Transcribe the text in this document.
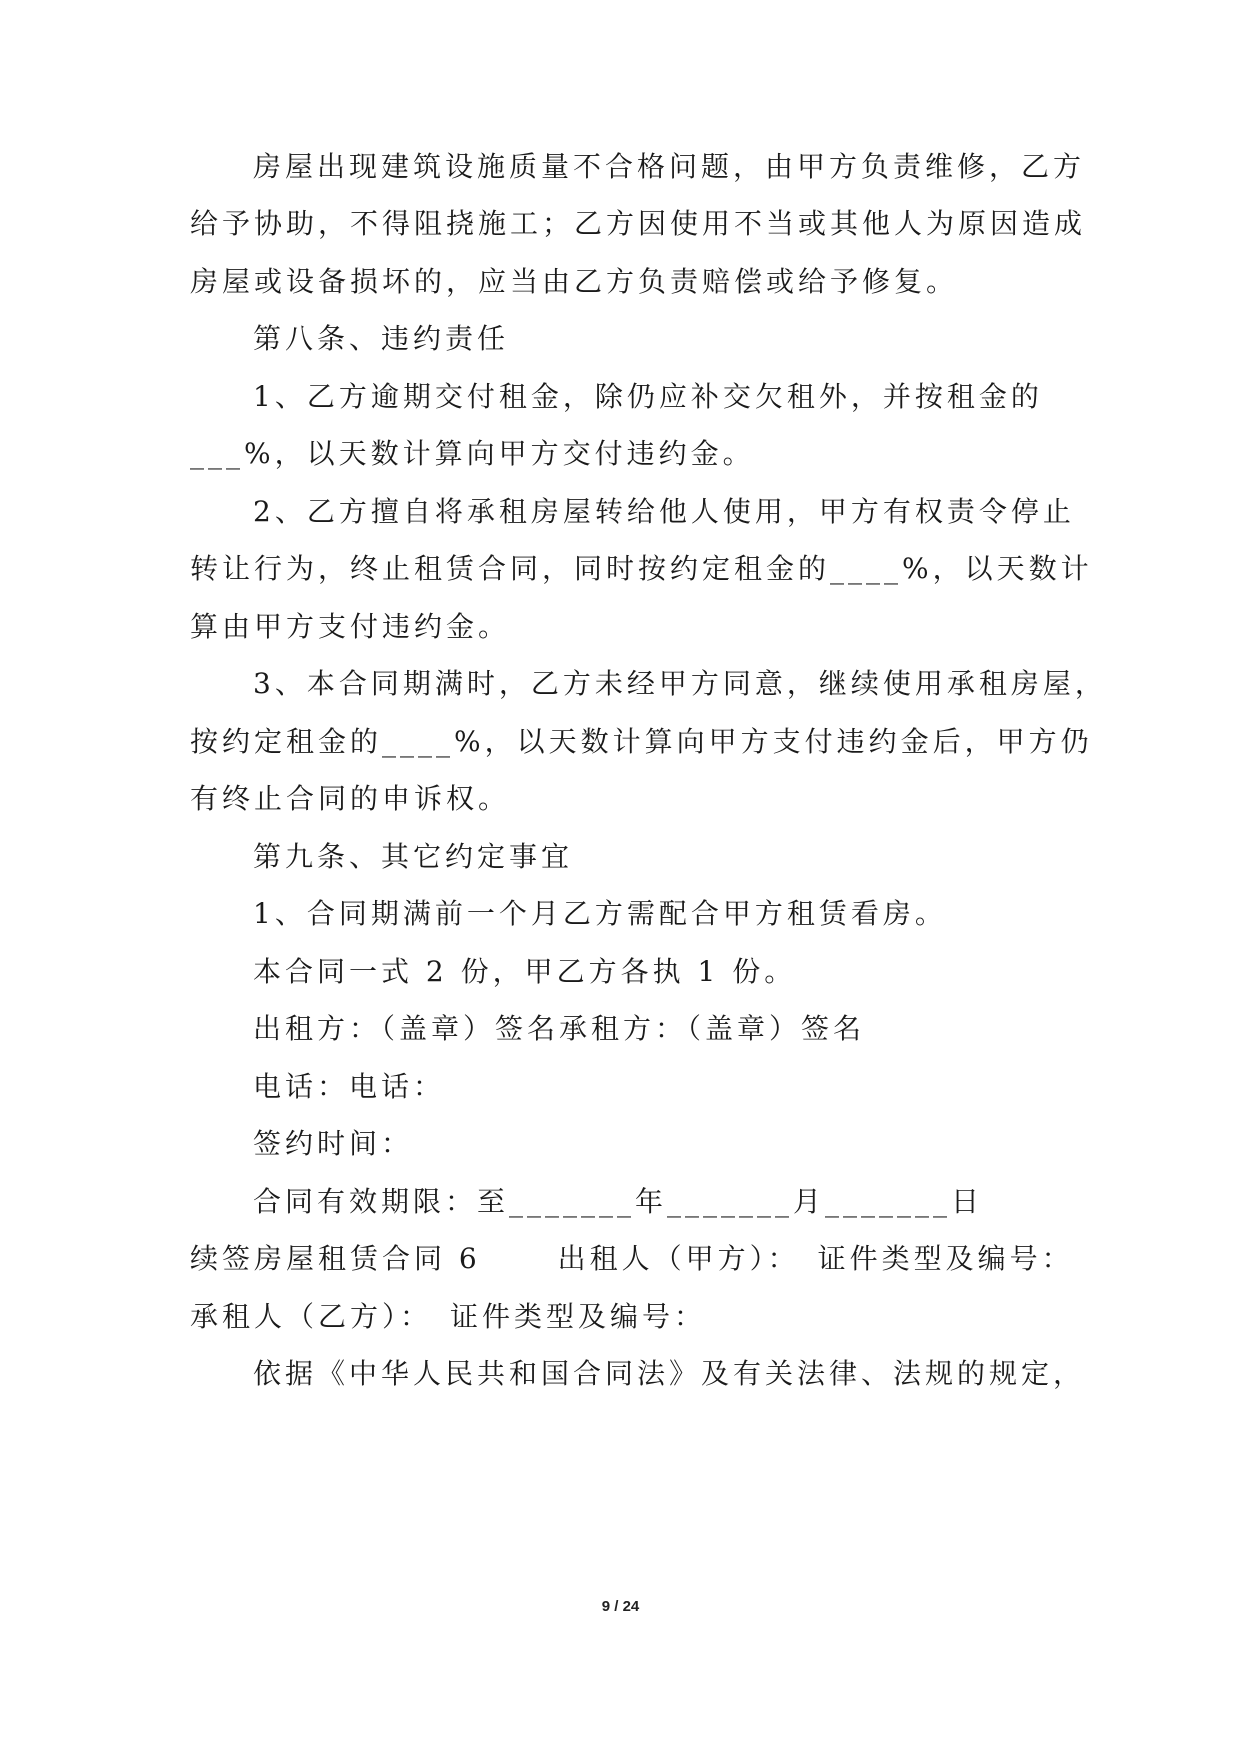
房屋出现建筑设施质量不合格问题，由甲方负责维修，乙方
给予协助，不得阻挠施工；乙方因使用不当或其他人为原因造成
房屋或设备损坏的，应当由乙方负责赔偿或给予修复。
第八条、违约责任
1、乙方逾期交付租金，除仍应补交欠租外，并按租金的
___%，以天数计算向甲方交付违约金。
2、乙方擅自将承租房屋转给他人使用，甲方有权责令停止
转让行为，终止租赁合同，同时按约定租金的____%，以天数计
算由甲方支付违约金。
3、本合同期满时，乙方未经甲方同意，继续使用承租房屋，
按约定租金的____%，以天数计算向甲方支付违约金后，甲方仍
有终止合同的申诉权。
第九条、其它约定事宜
1、合同期满前一个月乙方需配合甲方租赁看房。
本合同一式 2 份，甲乙方各执 1 份。
出租方：（盖章）签名承租方：（盖章）签名
电话：电话：
签约时间：
合同有效期限：至_______年_______月_______日
续签房屋租赁合同 6　　 出租人（甲方）：　证件类型及编号：
承租人（乙方）：　证件类型及编号：
依据《中华人民共和国合同法》及有关法律、法规的规定，
9 / 24
